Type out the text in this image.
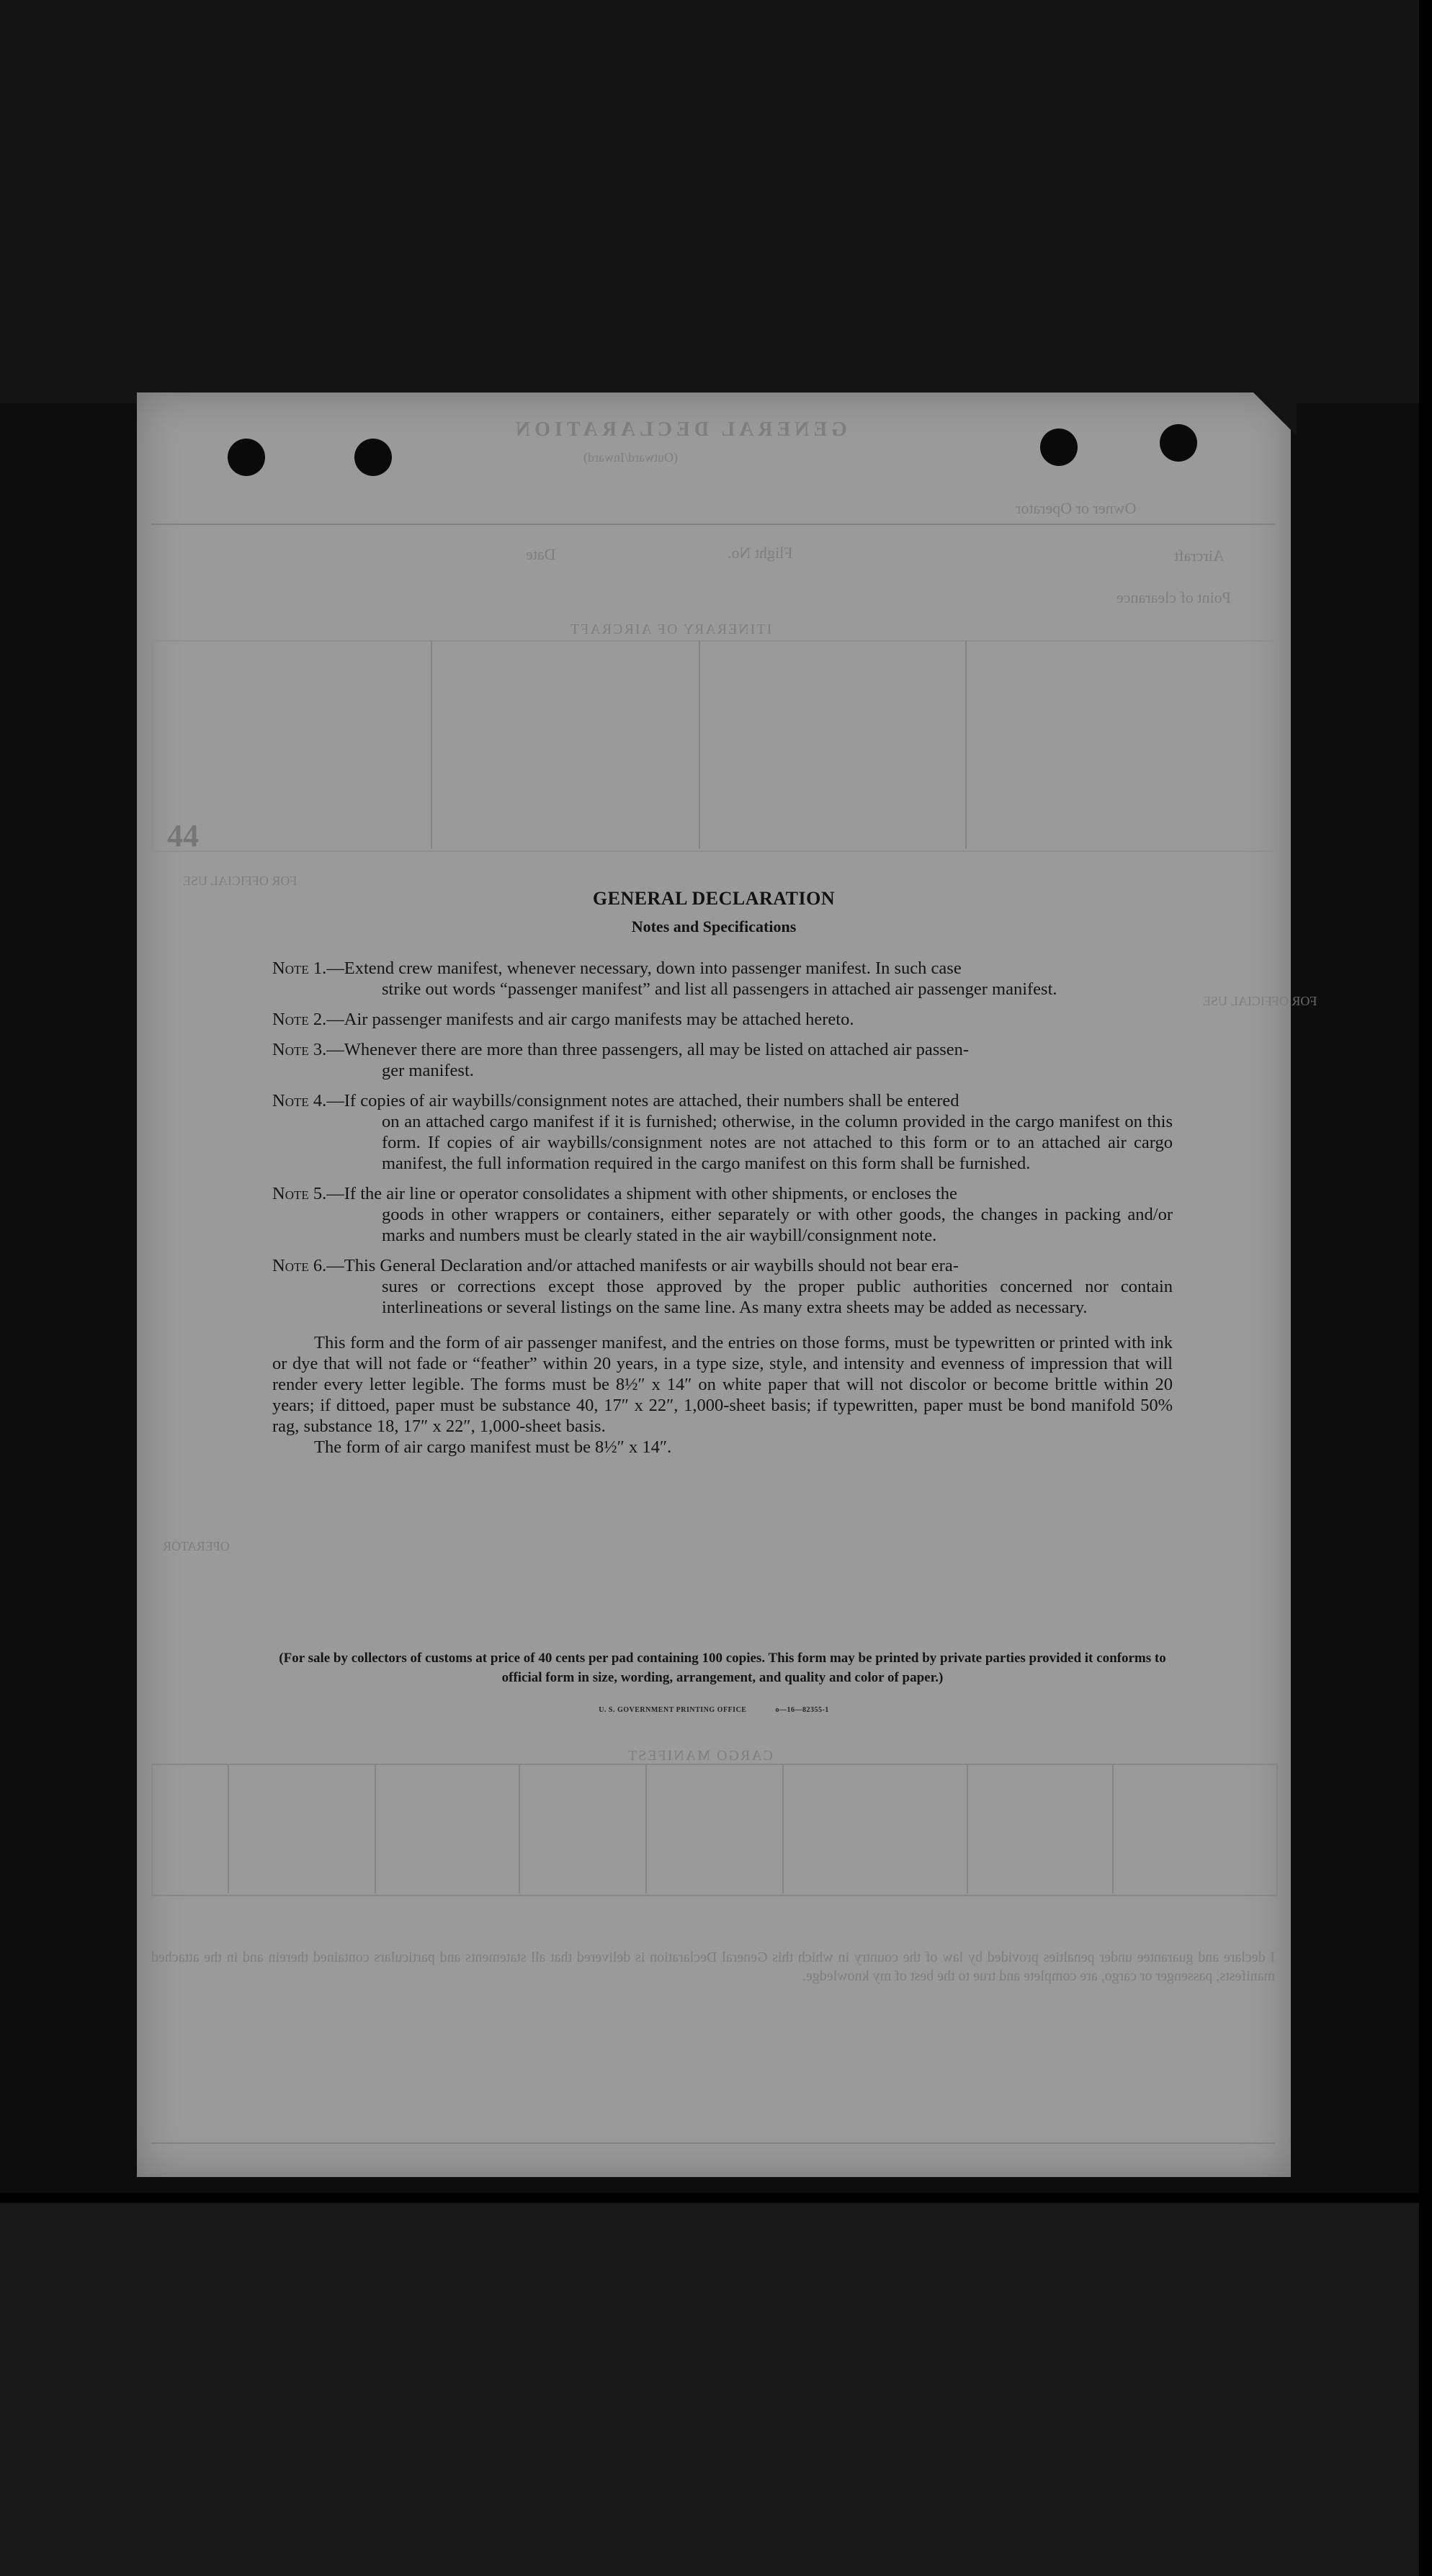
GENERAL DECLARATION
(Outward/Inward)
Owner or Operator
Aircraft
Flight No.
Date
Point of clearance
ITINERARY OF AIRCRAFT
44
FOR OFFICIAL USE
FOR OFFICIAL USE
OPERATOR
CARGO MANIFEST
I declare and guarantee under penalties provided by law of the country in which this General Declaration is delivered that all statements and particulars contained therein and in the attached manifests, passenger or cargo, are complete and true to the best of my knowledge.
GENERAL DECLARATION
Notes and Specifications
Note 1.—Extend crew manifest, whenever necessary, down into passenger manifest. In such case
strike out words “passenger manifest” and list all passengers in attached air passenger manifest.
Note 2.—Air passenger manifests and air cargo manifests may be attached hereto.
Note 3.—Whenever there are more than three passengers, all may be listed on attached air passen-
ger manifest.
Note 4.—If copies of air waybills/consignment notes are attached, their numbers shall be entered
on an attached cargo manifest if it is furnished; otherwise, in the column provided in the cargo manifest on this form. If copies of air waybills/consignment notes are not attached to this form or to an attached air cargo manifest, the full information required in the cargo manifest on this form shall be furnished.
Note 5.—If the air line or operator consolidates a shipment with other shipments, or encloses the
goods in other wrappers or containers, either separately or with other goods, the changes in packing and/or marks and numbers must be clearly stated in the air waybill/consignment note.
Note 6.—This General Declaration and/or attached manifests or air waybills should not bear era-
sures or corrections except those approved by the proper public authorities concerned nor contain interlineations or several listings on the same line. As many extra sheets may be added as necessary.
This form and the form of air passenger manifest, and the entries on those forms, must be typewritten or printed with ink or dye that will not fade or “feather” within 20 years, in a type size, style, and intensity and evenness of impression that will render every letter legible. The forms must be 8½″ x 14″ on white paper that will not discolor or become brittle within 20 years; if dittoed, paper must be substance 40, 17″ x 22″, 1,000-sheet basis; if typewritten, paper must be bond manifold 50% rag, substance 18, 17″ x 22″, 1,000-sheet basis.
The form of air cargo manifest must be 8½″ x 14″.
(For sale by collectors of customs at price of 40 cents per pad containing 100 copies. This form may be printed by private parties provided it conforms to official form in size, wording, arrangement, and quality and color of paper.)
U. S. GOVERNMENT PRINTING OFFICE	o—16—82355-1
